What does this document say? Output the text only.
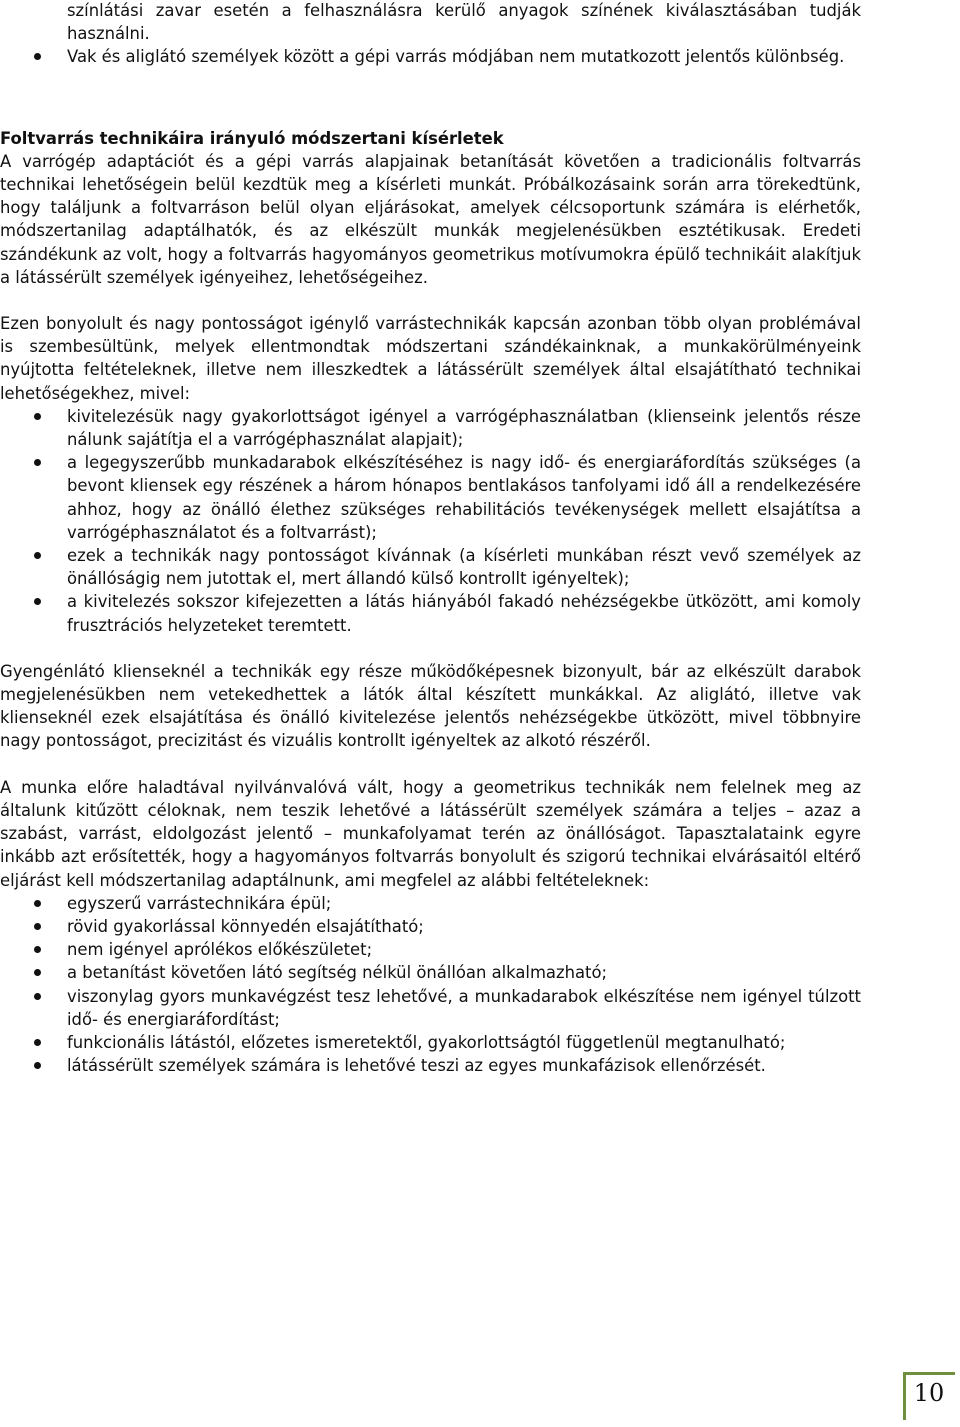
színlátási zavar esetén a felhasználásra kerülő anyagok színének kiválasztásában tudják használni.
Vak és aliglátó személyek között a gépi varrás módjában nem mutatkozott jelentős különbség.

Foltvarrás technikáira irányuló módszertani kísérletek

A varrógép adaptációt és a gépi varrás alapjainak betanítását követően a tradicionális foltvarrás technikai lehetőségein belül kezdtük meg a kísérleti munkát. Próbálkozásaink során arra törekedtünk, hogy találjunk a foltvarráson belül olyan eljárásokat, amelyek célcsoportunk számára is elérhetők, módszertanilag adaptálhatók, és az elkészült munkák megjelenésükben esztétikusak. Eredeti szándékunk az volt, hogy a foltvarrás hagyományos geometrikus motívumokra épülő technikáit alakítjuk a látássérült személyek igényeihez, lehetőségeihez.

Ezen bonyolult és nagy pontosságot igénylő varrástechnikák kapcsán azonban több olyan problémával is szembesültünk, melyek ellentmondtak módszertani szándékainknak, a munkakörülményeink nyújtotta feltételeknek, illetve nem illeszkedtek a látássérült személyek által elsajátítható technikai lehetőségekhez, mivel:

kivitelezésük nagy gyakorlottságot igényel a varrógéphasználatban (klienseink jelentős része nálunk sajátítja el a varrógéphasználat alapjait);
a legegyszerűbb munkadarabok elkészítéséhez is nagy idő- és energiaráfordítás szükséges (a bevont kliensek egy részének a három hónapos bentlakásos tanfolyami idő áll a rendelkezésére ahhoz, hogy az önálló élethez szükséges rehabilitációs tevékenységek mellett elsajátítsa a varrógéphasználatot és a foltvarrást);
ezek a technikák nagy pontosságot kívánnak (a kísérleti munkában részt vevő személyek az önállóságig nem jutottak el, mert állandó külső kontrollt igényeltek);
a kivitelezés sokszor kifejezetten a látás hiányából fakadó nehézségekbe ütközött, ami komoly frusztrációs helyzeteket teremtett.

Gyengénlátó klienseknél a technikák egy része működőképesnek bizonyult, bár az elkészült darabok megjelenésükben nem vetekedhettek a látók által készített munkákkal. Az aliglátó, illetve vak klienseknél ezek elsajátítása és önálló kivitelezése jelentős nehézségekbe ütközött, mivel többnyire nagy pontosságot, precizitást és vizuális kontrollt igényeltek az alkotó részéről.

A munka előre haladtával nyilvánvalóvá vált, hogy a geometrikus technikák nem felelnek meg az általunk kitűzött céloknak, nem teszik lehetővé a látássérült személyek számára a teljes – azaz a szabást, varrást, eldolgozást jelentő – munkafolyamat terén az önállóságot. Tapasztalataink egyre inkább azt erősítették, hogy a hagyományos foltvarrás bonyolult és szigorú technikai elvárásaitól eltérő eljárást kell módszertanilag adaptálnunk, ami megfelel az alábbi feltételeknek:

egyszerű varrástechnikára épül;
rövid gyakorlással könnyedén elsajátítható;
nem igényel aprólékos előkészületet;
a betanítást követően látó segítség nélkül önállóan alkalmazható;
viszonylag gyors munkavégzést tesz lehetővé, a munkadarabok elkészítése nem igényel túlzott idő- és energiaráfordítást;
funkcionális látástól, előzetes ismeretektől, gyakorlottságtól függetlenül megtanulható;
látássérült személyek számára is lehetővé teszi az egyes munkafázisok ellenőrzését.
10
